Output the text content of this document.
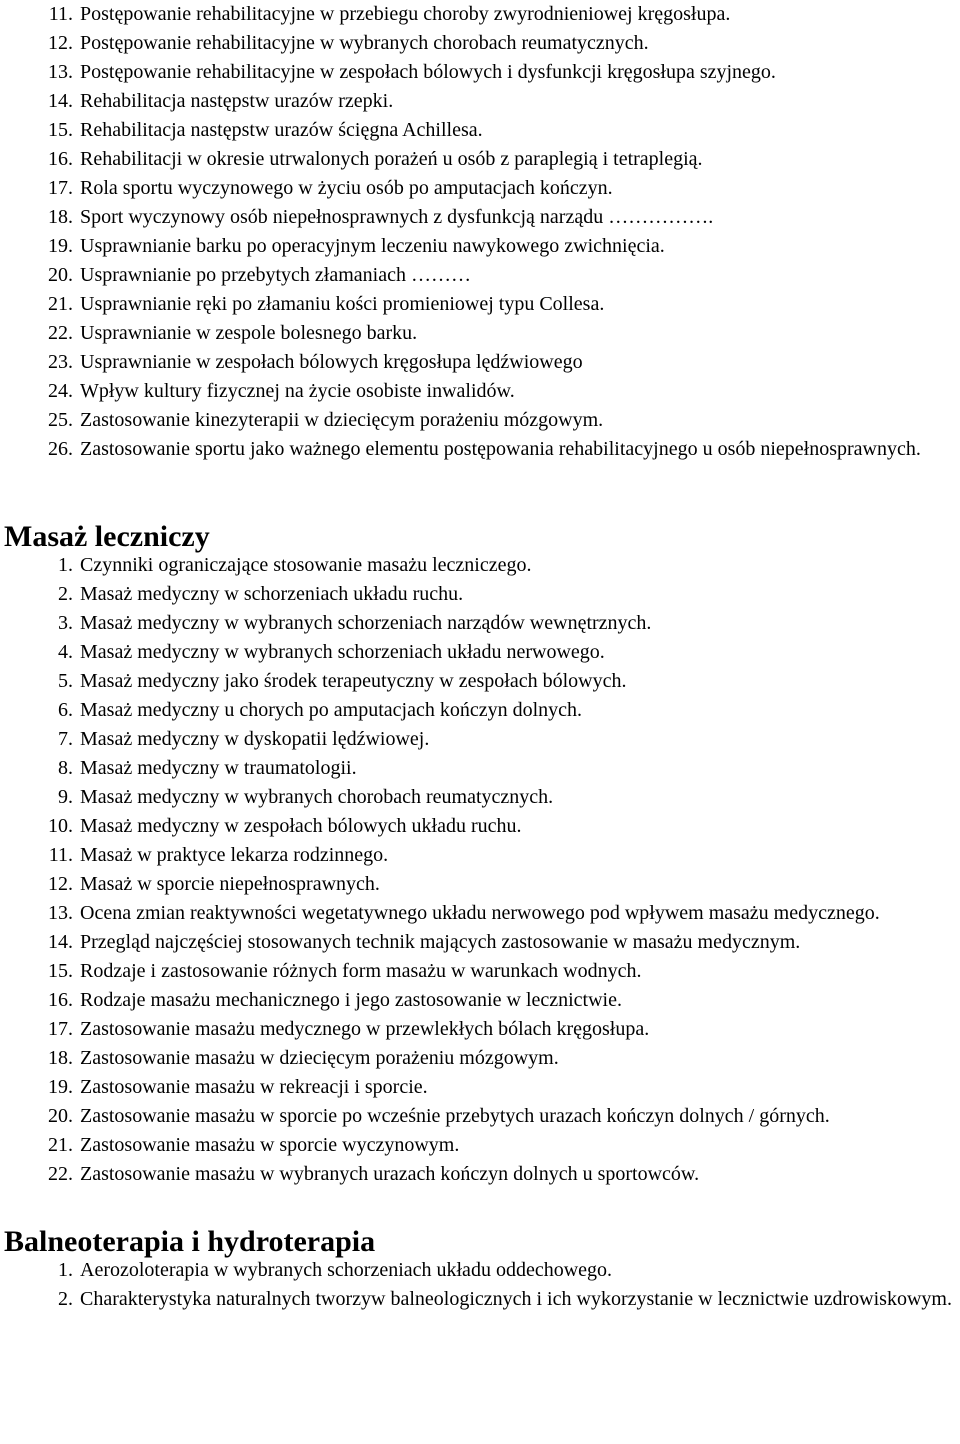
11. Postępowanie rehabilitacyjne w przebiegu choroby zwyrodnieniowej kręgosłupa.
12. Postępowanie rehabilitacyjne w wybranych chorobach reumatycznych.
13. Postępowanie rehabilitacyjne w zespołach bólowych i dysfunkcji kręgosłupa szyjnego.
14. Rehabilitacja następstw urazów rzepki.
15. Rehabilitacja następstw urazów ścięgna Achillesa.
16. Rehabilitacji w okresie utrwalonych porażeń u osób z paraplegią i tetraplegią.
17. Rola sportu wyczynowego w życiu osób po amputacjach kończyn.
18. Sport wyczynowy osób niepełnosprawnych z dysfunkcją narządu …………….
19. Usprawnianie barku po operacyjnym leczeniu nawykowego zwichnięcia.
20. Usprawnianie po przebytych złamaniach ………
21. Usprawnianie ręki po złamaniu kości promieniowej typu Collesa.
22. Usprawnianie w zespole bolesnego barku.
23. Usprawnianie w zespołach bólowych kręgosłupa lędźwiowego
24. Wpływ kultury fizycznej na życie osobiste inwalidów.
25. Zastosowanie kinezyterapii w dziecięcym porażeniu mózgowym.
26. Zastosowanie sportu jako ważnego elementu postępowania rehabilitacyjnego u osób niepełnosprawnych.
Masaż leczniczy
1. Czynniki ograniczające stosowanie masażu leczniczego.
2. Masaż medyczny w schorzeniach układu ruchu.
3. Masaż medyczny w wybranych schorzeniach narządów wewnętrznych.
4. Masaż medyczny w wybranych schorzeniach układu nerwowego.
5. Masaż medyczny jako środek terapeutyczny w zespołach bólowych.
6. Masaż medyczny u chorych po amputacjach kończyn dolnych.
7. Masaż medyczny w dyskopatii lędźwiowej.
8. Masaż medyczny w traumatologii.
9. Masaż medyczny w wybranych chorobach reumatycznych.
10. Masaż medyczny w zespołach bólowych układu ruchu.
11. Masaż w praktyce lekarza rodzinnego.
12. Masaż w sporcie niepełnosprawnych.
13. Ocena zmian reaktywności wegetatywnego układu nerwowego pod wpływem masażu medycznego.
14. Przegląd najczęściej stosowanych technik mających zastosowanie w masażu medycznym.
15. Rodzaje i zastosowanie różnych form masażu w warunkach wodnych.
16. Rodzaje masażu mechanicznego i jego zastosowanie w lecznictwie.
17. Zastosowanie masażu medycznego w przewlekłych bólach kręgosłupa.
18. Zastosowanie masażu w dziecięcym porażeniu mózgowym.
19. Zastosowanie masażu w rekreacji i sporcie.
20. Zastosowanie masażu w sporcie po wcześnie przebytych urazach kończyn dolnych / górnych.
21. Zastosowanie masażu w sporcie wyczynowym.
22. Zastosowanie masażu w wybranych urazach kończyn dolnych u sportowców.
Balneoterapia i hydroterapia
1. Aerozoloterapia w wybranych schorzeniach układu oddechowego.
2. Charakterystyka naturalnych tworzyw balneologicznych i ich wykorzystanie w lecznictwie uzdrowiskowym.
